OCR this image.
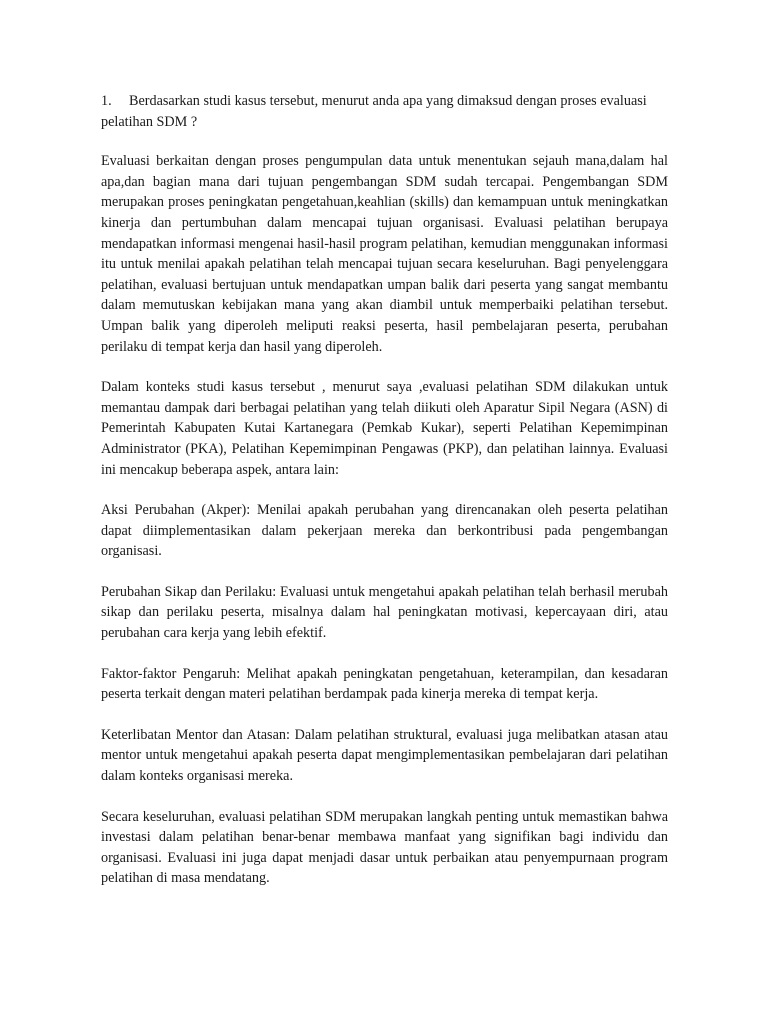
1. Berdasarkan studi kasus tersebut, menurut anda apa yang dimaksud dengan proses evaluasi pelatihan SDM ?

Evaluasi berkaitan dengan proses pengumpulan data untuk menentukan sejauh mana,dalam hal apa,dan bagian mana dari tujuan pengembangan SDM sudah tercapai. Pengembangan SDM merupakan proses peningkatan pengetahuan,keahlian (skills) dan kemampuan untuk meningkatkan kinerja dan pertumbuhan dalam mencapai tujuan organisasi. Evaluasi pelatihan berupaya mendapatkan informasi mengenai hasil-hasil program pelatihan, kemudian menggunakan informasi itu untuk menilai apakah pelatihan telah mencapai tujuan secara keseluruhan. Bagi penyelenggara pelatihan, evaluasi bertujuan untuk mendapatkan umpan balik dari peserta yang sangat membantu dalam memutuskan kebijakan mana yang akan diambil untuk memperbaiki pelatihan tersebut. Umpan balik yang diperoleh meliputi reaksi peserta, hasil pembelajaran peserta, perubahan perilaku di tempat kerja dan hasil yang diperoleh.

Dalam konteks studi kasus tersebut , menurut saya ,evaluasi pelatihan SDM dilakukan untuk memantau dampak dari berbagai pelatihan yang telah diikuti oleh Aparatur Sipil Negara (ASN) di Pemerintah Kabupaten Kutai Kartanegara (Pemkab Kukar), seperti Pelatihan Kepemimpinan Administrator (PKA), Pelatihan Kepemimpinan Pengawas (PKP), dan pelatihan lainnya. Evaluasi ini mencakup beberapa aspek, antara lain:

Aksi Perubahan (Akper): Menilai apakah perubahan yang direncanakan oleh peserta pelatihan dapat diimplementasikan dalam pekerjaan mereka dan berkontribusi pada pengembangan organisasi.

Perubahan Sikap dan Perilaku: Evaluasi untuk mengetahui apakah pelatihan telah berhasil merubah sikap dan perilaku peserta, misalnya dalam hal peningkatan motivasi, kepercayaan diri, atau perubahan cara kerja yang lebih efektif.

Faktor-faktor Pengaruh: Melihat apakah peningkatan pengetahuan, keterampilan, dan kesadaran peserta terkait dengan materi pelatihan berdampak pada kinerja mereka di tempat kerja.

Keterlibatan Mentor dan Atasan: Dalam pelatihan struktural, evaluasi juga melibatkan atasan atau mentor untuk mengetahui apakah peserta dapat mengimplementasikan pembelajaran dari pelatihan dalam konteks organisasi mereka.

Secara keseluruhan, evaluasi pelatihan SDM merupakan langkah penting untuk memastikan bahwa investasi dalam pelatihan benar-benar membawa manfaat yang signifikan bagi individu dan organisasi. Evaluasi ini juga dapat menjadi dasar untuk perbaikan atau penyempurnaan program pelatihan di masa mendatang.
